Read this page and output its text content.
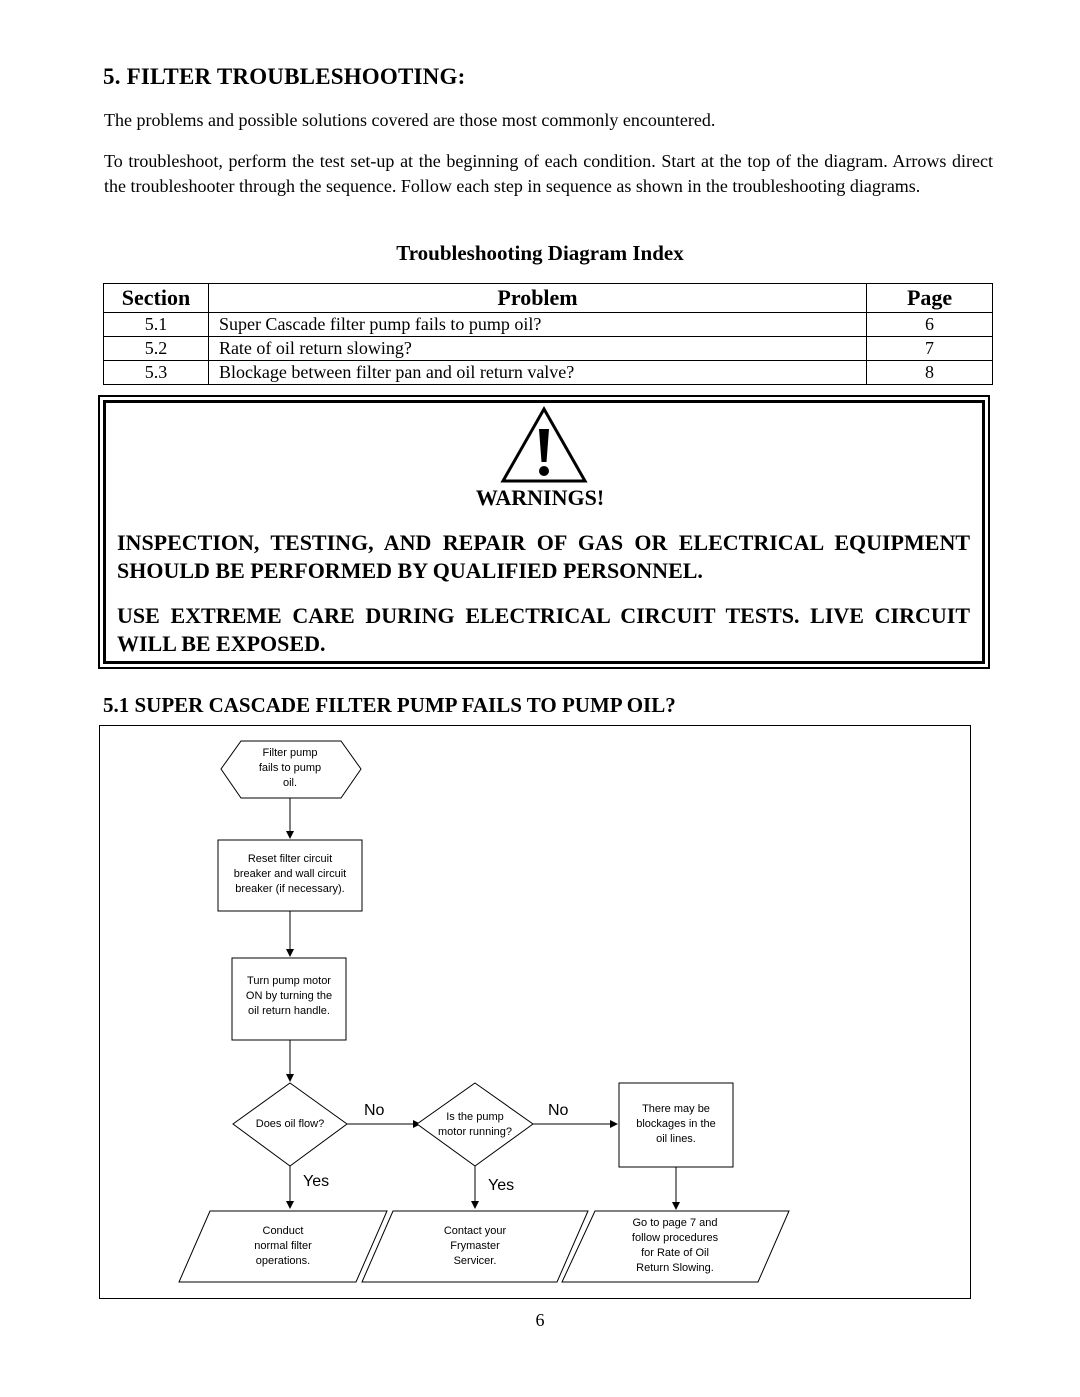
5. FILTER TROUBLESHOOTING:

The problems and possible solutions covered are those most commonly encountered.

To troubleshoot, perform the test set-up at the beginning of each condition. Start at the top of the diagram. Arrows direct the troubleshooter through the sequence. Follow each step in sequence as shown in the troubleshooting diagrams.

Troubleshooting Diagram Index
Section	Problem	Page
5.1	Super Cascade filter pump fails to pump oil?	6
5.2	Rate of oil return slowing?	7
5.3	Blockage between filter pan and oil return valve?	8
WARNINGS!

INSPECTION, TESTING, AND REPAIR OF GAS OR ELECTRICAL EQUIPMENT SHOULD BE PERFORMED BY QUALIFIED PERSONNEL.

USE EXTREME CARE DURING ELECTRICAL CIRCUIT TESTS. LIVE CIRCUIT WILL BE EXPOSED.

5.1 SUPER CASCADE FILTER PUMP FAILS TO PUMP OIL?
Filter pump
fails to pump
oil.
Reset filter circuit
breaker and wall circuit
breaker (if necessary).
Turn pump motor
ON by turning the
oil return handle.
Does oil flow?
Is the pump
motor running?
There may be
blockages in the
oil lines.
No	No
Yes	Yes
Conduct
normal filter
operations.
Contact your
Frymaster
Servicer.
Go to page 7 and
follow procedures
for Rate of Oil
Return Slowing.
6
